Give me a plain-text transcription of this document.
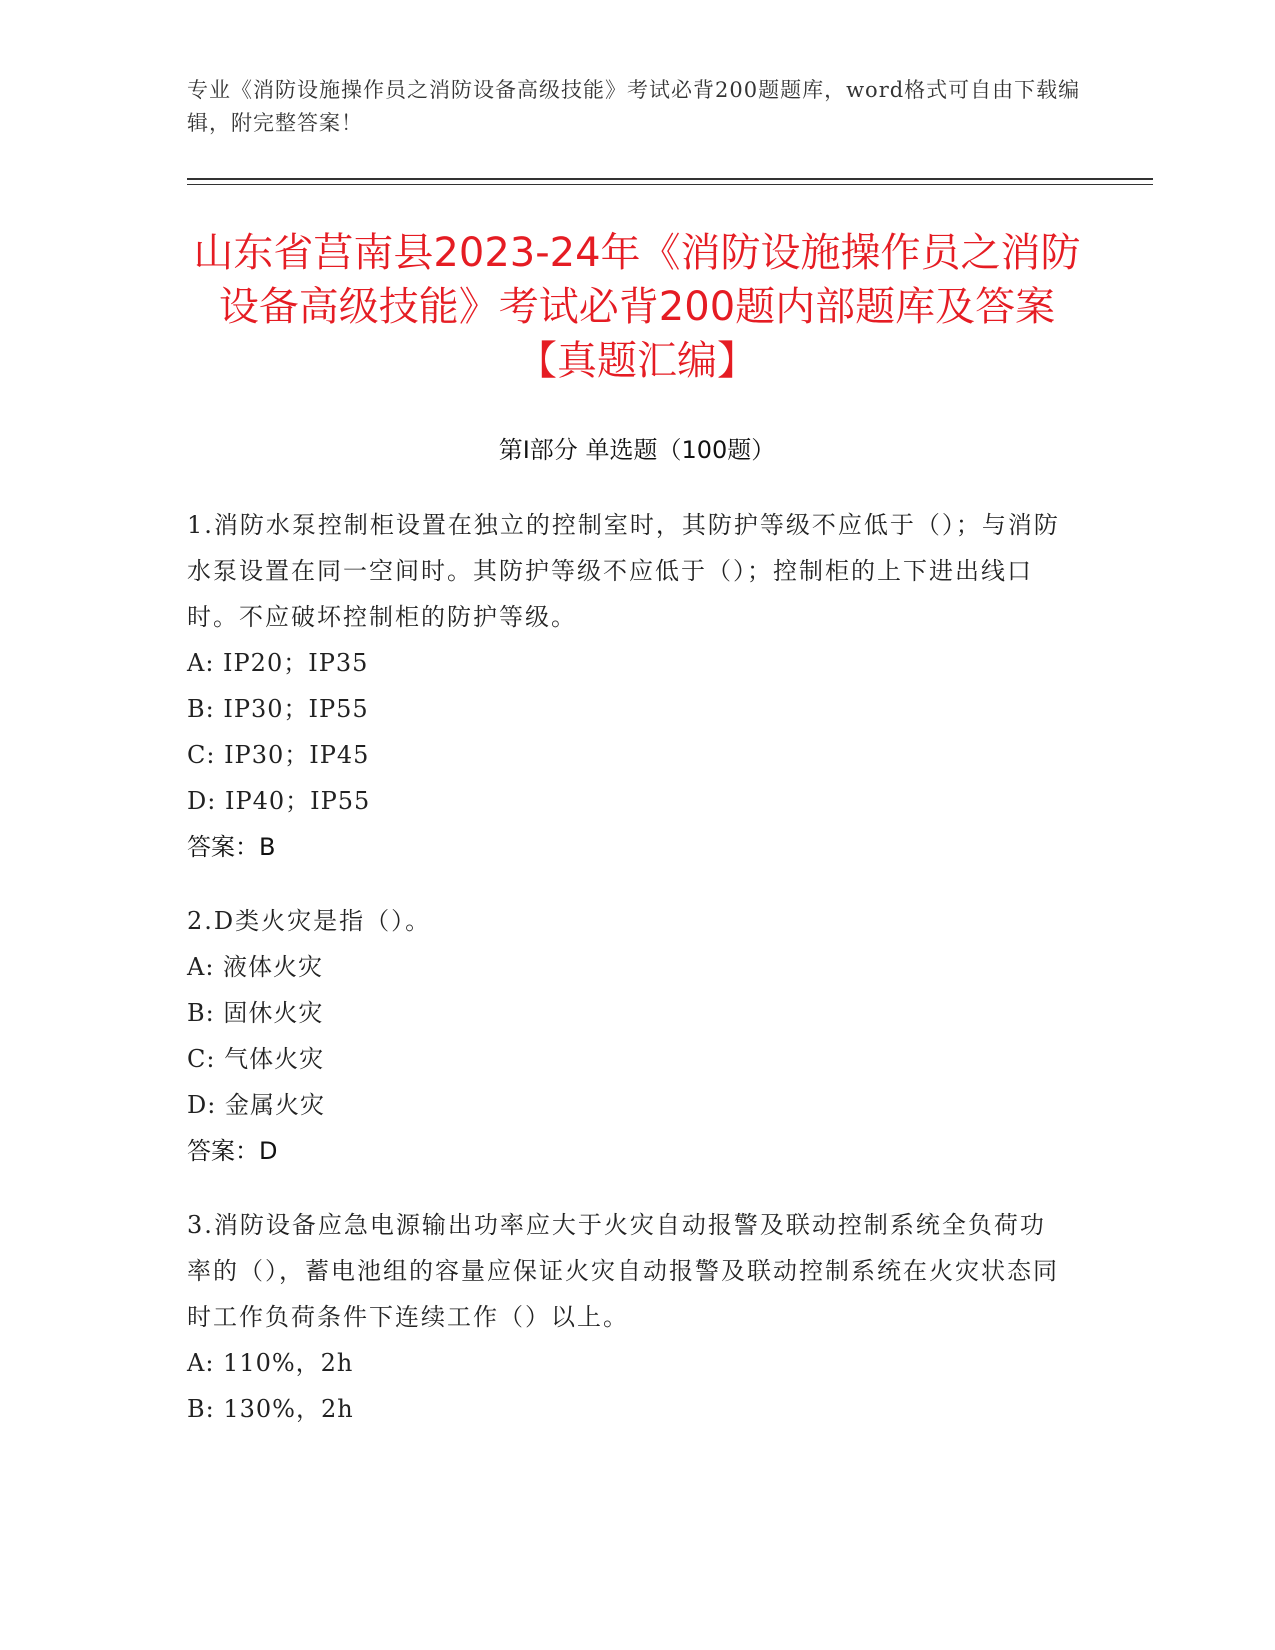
专业《消防设施操作员之消防设备高级技能》考试必背200题题库，word格式可自由下载编辑，附完整答案！
山东省莒南县2023-24年《消防设施操作员之消防设备高级技能》考试必背200题内部题库及答案【真题汇编】
第I部分 单选题（100题）
1.消防水泵控制柜设置在独立的控制室时，其防护等级不应低于（）；与消防水泵设置在同一空间时。其防护等级不应低于（）；控制柜的上下进出线口时。不应破坏控制柜的防护等级。
A: IP20；IP35
B: IP30；IP55
C: IP30；IP45
D: IP40；IP55
答案：B
2.D类火灾是指（）。
A: 液体火灾
B: 固休火灾
C: 气体火灾
D: 金属火灾
答案：D
3.消防设备应急电源输出功率应大于火灾自动报警及联动控制系统全负荷功率的（），蓄电池组的容量应保证火灾自动报警及联动控制系统在火灾状态同时工作负荷条件下连续工作（）以上。
A: 110%，2h
B: 130%，2h
